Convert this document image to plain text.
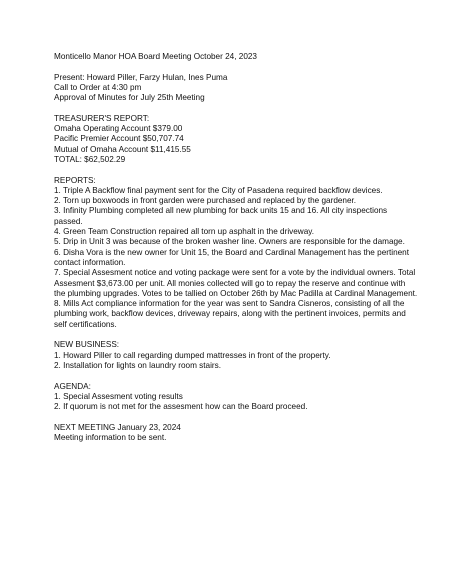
Monticello Manor HOA Board Meeting October 24, 2023
Present: Howard Piller, Farzy Hulan, Ines Puma
Call to Order at 4:30 pm
Approval of Minutes for July 25th Meeting
TREASURER'S REPORT:
Omaha Operating Account $379.00
Pacific Premier Account $50,707.74
Mutual of Omaha Account $11,415.55
TOTAL: $62,502.29
REPORTS:
1. Triple A Backflow final payment sent for the City of Pasadena required backflow devices.
2. Torn up boxwoods in front garden were purchased and replaced by the gardener.
3. Infinity Plumbing completed all new plumbing for back units 15 and 16. All city inspections passed.
4. Green Team Construction repaired all torn up asphalt in the driveway.
5. Drip in Unit 3 was because of the broken washer line. Owners are responsible for the damage.
6. Disha Vora is the new owner for Unit 15, the Board and Cardinal Management has the pertinent contact information.
7. Special Assesment notice and voting package were sent for a vote by the individual owners. Total Assesment $3,673.00 per unit. All monies collected will go to repay the reserve and continue with the plumbing upgrades. Votes to be tallied on October 26th by Mac Padilla at Cardinal Management.
8. Mills Act compliance information for the year was sent to Sandra Cisneros, consisting of all the plumbing work, backflow devices, driveway repairs, along with the pertinent invoices, permits and self certifications.
NEW BUSINESS:
1. Howard Piller to call regarding dumped mattresses in front of the property.
2. Installation for lights on laundry room stairs.
AGENDA:
1. Special Assesment voting results
2. If quorum is not met for the assesment how can the Board proceed.
NEXT MEETING January 23, 2024
Meeting information to be sent.
